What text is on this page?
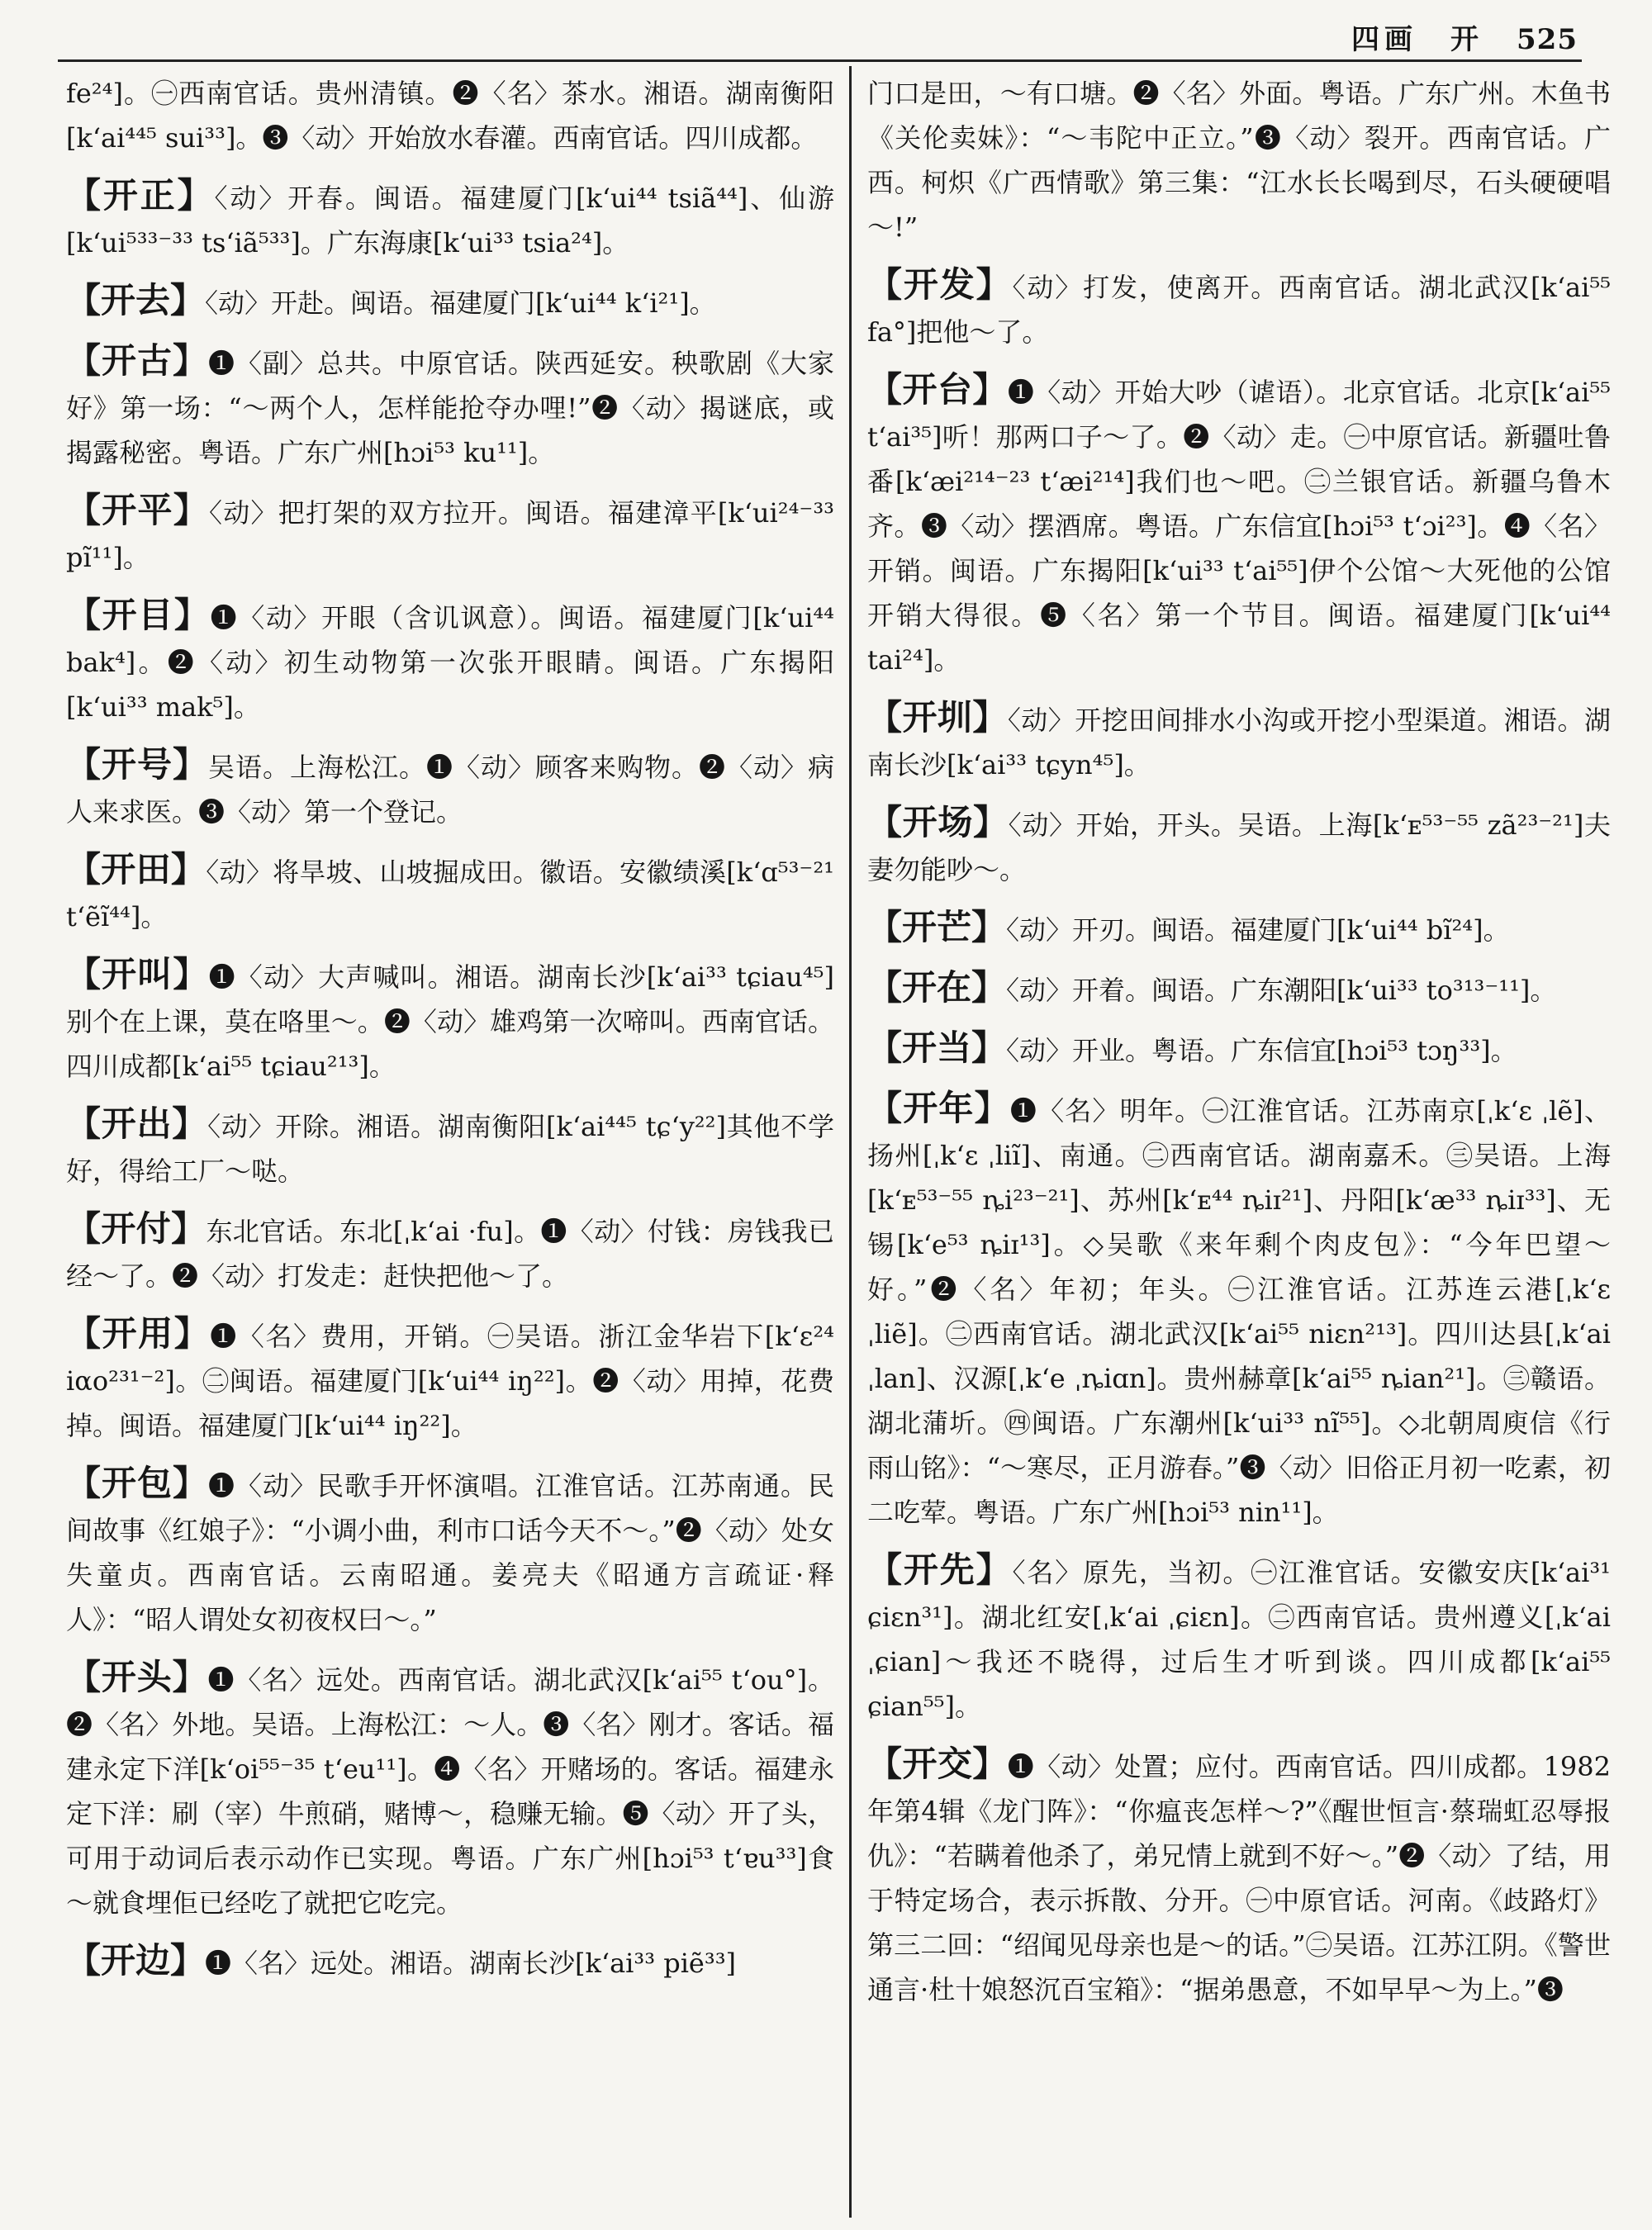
四画　开 525

fe²⁴]。㊀西南官话。贵州清镇。❷〈名〉茶水。湘语。湖南衡阳[k‘ai⁴⁴⁵ sui³³]。❸〈动〉开始放水春灌。西南官话。四川成都。

【开正】〈动〉开春。闽语。福建厦门[k‘ui⁴⁴ tsiã⁴⁴]、仙游[k‘ui⁵³³⁻³³ ts‘iã⁵³³]。广东海康[k‘ui³³ tsia²⁴]。

【开去】〈动〉开赴。闽语。福建厦门[k‘ui⁴⁴ k‘i²¹]。

【开古】❶〈副〉总共。中原官话。陕西延安。秧歌剧《大家好》第一场：“～两个人，怎样能抢夺办哩!”❷〈动〉揭谜底，或揭露秘密。粤语。广东广州[hɔi⁵³ ku¹¹]。

【开平】〈动〉把打架的双方拉开。闽语。福建漳平[k‘ui²⁴⁻³³ pĩ¹¹]。

【开目】❶〈动〉开眼（含讥讽意）。闽语。福建厦门[k‘ui⁴⁴ bak⁴]。❷〈动〉初生动物第一次张开眼睛。闽语。广东揭阳[k‘ui³³ mak⁵]。

【开号】吴语。上海松江。❶〈动〉顾客来购物。❷〈动〉病人来求医。❸〈动〉第一个登记。

【开田】〈动〉将旱坡、山坡掘成田。徽语。安徽绩溪[k‘ɑ⁵³⁻²¹ t‘ẽĩ⁴⁴]。

【开叫】❶〈动〉大声喊叫。湘语。湖南长沙[k‘ai³³ tɕiau⁴⁵]别个在上课，莫在咯里～。❷〈动〉雄鸡第一次啼叫。西南官话。四川成都[k‘ai⁵⁵ tɕiau²¹³]。

【开出】〈动〉开除。湘语。湖南衡阳[k‘ai⁴⁴⁵ tɕ‘y²²]其他不学好，得给工厂～哒。

【开付】东北官话。东北[ˌk‘ai ·fu]。❶〈动〉付钱：房钱我已经～了。❷〈动〉打发走：赶快把他～了。

【开用】❶〈名〉费用，开销。㊀吴语。浙江金华岩下[k‘ε²⁴ iαo²³¹⁻²]。㊁闽语。福建厦门[k‘ui⁴⁴ iŋ²²]。❷〈动〉用掉，花费掉。闽语。福建厦门[k‘ui⁴⁴ iŋ²²]。

【开包】❶〈动〉民歌手开怀演唱。江淮官话。江苏南通。民间故事《红娘子》：“小调小曲，利市口话今天不～。”❷〈动〉处女失童贞。西南官话。云南昭通。姜亮夫《昭通方言疏证·释人》：“昭人谓处女初夜权曰～。”

【开头】❶〈名〉远处。西南官话。湖北武汉[k‘ai⁵⁵ t‘ou°]。❷〈名〉外地。吴语。上海松江：～人。❸〈名〉刚才。客话。福建永定下洋[k‘oi⁵⁵⁻³⁵ t‘eu¹¹]。❹〈名〉开赌场的。客话。福建永定下洋：刷（宰）牛煎硝，赌博～，稳赚无输。❺〈动〉开了头，可用于动词后表示动作已实现。粤语。广东广州[hɔi⁵³ t‘ɐu³³]食～就食埋佢已经吃了就把它吃完。

【开边】❶〈名〉远处。湘语。湖南长沙[k‘ai³³ piẽ³³]

门口是田，～有口塘。❷〈名〉外面。粤语。广东广州。木鱼书《关伦卖妹》：“～韦陀中正立。”❸〈动〉裂开。西南官话。广西。柯炽《广西情歌》第三集：“江水长长喝到尽，石头硬硬唱～!”

【开发】〈动〉打发，使离开。西南官话。湖北武汉[k‘ai⁵⁵ fa°]把他～了。

【开台】❶〈动〉开始大吵（谑语）。北京官话。北京[k‘ai⁵⁵ t‘ai³⁵]听！那两口子～了。❷〈动〉走。㊀中原官话。新疆吐鲁番[k‘æi²¹⁴⁻²³ t‘æi²¹⁴]我们也～吧。㊁兰银官话。新疆乌鲁木齐。❸〈动〉摆酒席。粤语。广东信宜[hɔi⁵³ t‘ɔi²³]。❹〈名〉开销。闽语。广东揭阳[k‘ui³³ t‘ai⁵⁵]伊个公馆～大死他的公馆开销大得很。❺〈名〉第一个节目。闽语。福建厦门[k‘ui⁴⁴ tai²⁴]。

【开圳】〈动〉开挖田间排水小沟或开挖小型渠道。湘语。湖南长沙[k‘ai³³ tɕyn⁴⁵]。

【开场】〈动〉开始，开头。吴语。上海[k‘ᴇ⁵³⁻⁵⁵ zã²³⁻²¹]夫妻勿能吵～。

【开芒】〈动〉开刃。闽语。福建厦门[k‘ui⁴⁴ bĩ²⁴]。

【开在】〈动〉开着。闽语。广东潮阳[k‘ui³³ to³¹³⁻¹¹]。

【开当】〈动〉开业。粤语。广东信宜[hɔi⁵³ tɔŋ³³]。

【开年】❶〈名〉明年。㊀江淮官话。江苏南京[ˌk‘ε ˌlẽ]、扬州[ˌk‘ε ˌliĩ]、南通。㊁西南官话。湖南嘉禾。㊂吴语。上海[k‘ᴇ⁵³⁻⁵⁵ ȵi²³⁻²¹]、苏州[k‘ᴇ⁴⁴ ȵiɪ²¹]、丹阳[k‘æ³³ ȵiɪ³³]、无锡[k‘e⁵³ ȵiɪ¹³]。◇吴歌《来年剩个肉皮包》：“今年巴望～好。”❷〈名〉年初；年头。㊀江淮官话。江苏连云港[ˌk‘ε ˌliẽ]。㊁西南官话。湖北武汉[k‘ai⁵⁵ niɛn²¹³]。四川达县[ˌk‘ai ˌlan]、汉源[ˌk‘e ˌȵiɑn]。贵州赫章[k‘ai⁵⁵ ȵian²¹]。㊂赣语。湖北蒲圻。㊃闽语。广东潮州[k‘ui³³ nĩ⁵⁵]。◇北朝周庾信《行雨山铭》：“～寒尽，正月游春。”❸〈动〉旧俗正月初一吃素，初二吃荤。粤语。广东广州[hɔi⁵³ nin¹¹]。

【开先】〈名〉原先，当初。㊀江淮官话。安徽安庆[k‘ai³¹ ɕiɛn³¹]。湖北红安[ˌk‘ai ˌɕiɛn]。㊁西南官话。贵州遵义[ˌk‘ai ˌɕian]～我还不晓得，过后生才听到谈。四川成都[k‘ai⁵⁵ ɕian⁵⁵]。

【开交】❶〈动〉处置；应付。西南官话。四川成都。1982年第4辑《龙门阵》：“你瘟丧怎样～?”《醒世恒言·蔡瑞虹忍辱报仇》：“若瞒着他杀了，弟兄情上就到不好～。”❷〈动〉了结，用于特定场合，表示拆散、分开。㊀中原官话。河南。《歧路灯》第三二回：“绍闻见母亲也是～的话。”㊁吴语。江苏江阴。《警世通言·杜十娘怒沉百宝箱》：“据弟愚意，不如早早～为上。”❸
